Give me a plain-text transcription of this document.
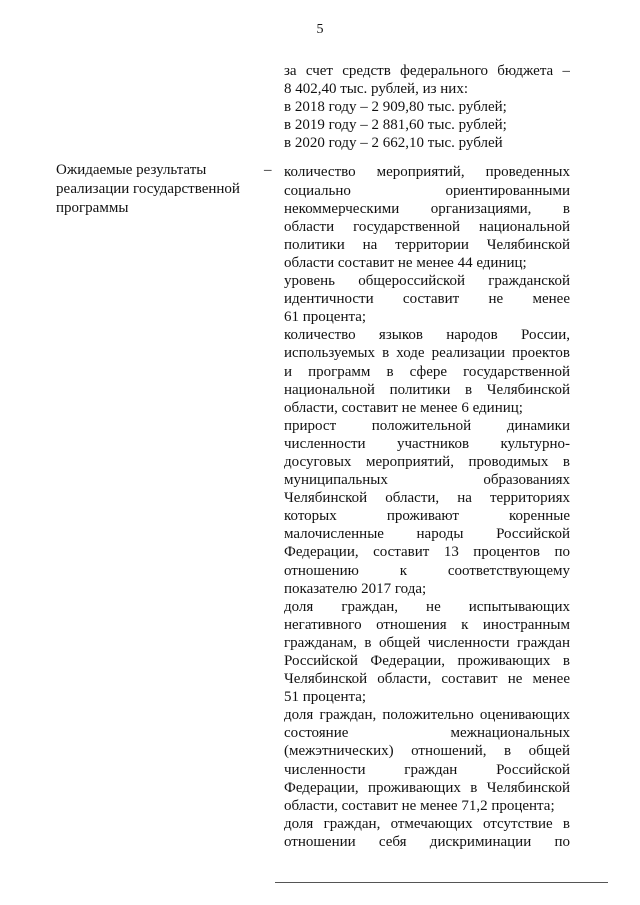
5
Ожидаемые результаты реализации государственной программы
–
за счет средств федерального бюджета –
8 402,40 тыс. рублей, из них:
в 2018 году – 2 909,80 тыс. рублей;
в 2019 году – 2 881,60 тыс. рублей;
в 2020 году – 2 662,10 тыс. рублей
количество мероприятий, проведенных
социально ориентированными
некоммерческими организациями, в
области государственной национальной
политики на территории Челябинской
области составит не менее 44 единиц;
уровень общероссийской гражданской
идентичности составит не менее
61 процента;
количество языков народов России,
используемых в ходе реализации проектов
и программ в сфере государственной
национальной политики в Челябинской
области, составит не менее 6 единиц;
прирост положительной динамики
численности участников культурно-
досуговых мероприятий, проводимых в
муниципальных образованиях
Челябинской области, на территориях
которых проживают коренные
малочисленные народы Российской
Федерации, составит 13 процентов по
отношению к соответствующему
показателю 2017 года;
доля граждан, не испытывающих
негативного отношения к иностранным
гражданам, в общей численности граждан
Российской Федерации, проживающих в
Челябинской области, составит не менее
51 процента;
доля граждан, положительно оценивающих
состояние межнациональных
(межэтнических) отношений, в общей
численности граждан Российской
Федерации, проживающих в Челябинской
области, составит не менее 71,2 процента;
доля граждан, отмечающих отсутствие в
отношении себя дискриминации по
